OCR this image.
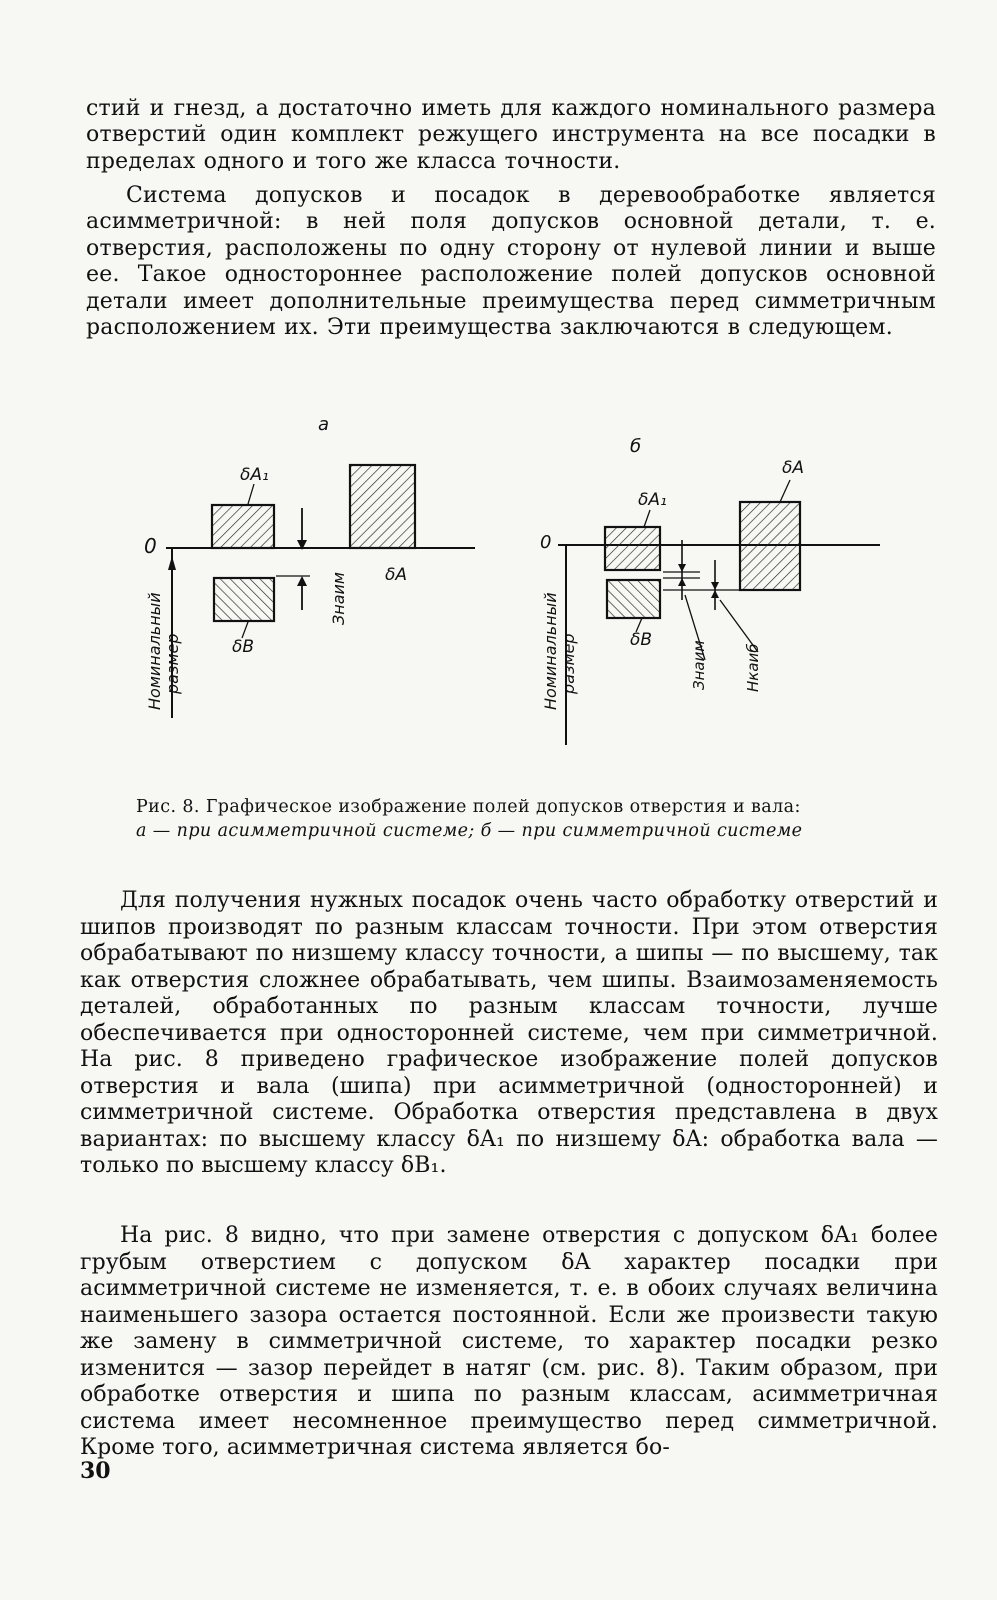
стий и гнезд, а достаточно иметь для каждого номинального размера отверстий один комплект режущего инструмента на все посадки в пределах одного и того же класса точности.
Система допусков и посадок в деревообработке является асимметричной: в ней поля допусков основной детали, т. е. отверстия, расположены по одну сторону от нулевой линии и выше ее. Такое одностороннее расположение полей допусков основной детали имеет дополнительные преимущества перед симметричным расположением их. Эти преимущества заключаются в следующем.
а
0
Номинальный размер
δA₁
δA
δB
Знаим
б
0
Номинальный размер
δA₁
δA
δB
Знаим Нкаиб
Рис. 8. Графическое изображение полей допусков отверстия и вала:
а — при асимметричной системе; б — при симметричной системе
Для получения нужных посадок очень часто обработку отверстий и шипов производят по разным классам точности. При этом отверстия обрабатывают по низшему классу точности, а шипы — по высшему, так как отверстия сложнее обрабатывать, чем шипы. Взаимозаменяемость деталей, обработанных по разным классам точности, лучше обеспечивается при односторонней системе, чем при симметричной. На рис. 8 приведено графическое изображение полей допусков отверстия и вала (шипа) при асимметричной (односторонней) и симметричной системе. Обработка отверстия представлена в двух вариантах: по высшему классу δA₁ по низшему δA: обработка вала — только по высшему классу δB₁.
На рис. 8 видно, что при замене отверстия с допуском δA₁ более грубым отверстием с допуском δA характер посадки при асимметричной системе не изменяется, т. е. в обоих случаях величина наименьшего зазора остается постоянной. Если же произвести такую же замену в симметричной системе, то характер посадки резко изменится — зазор перейдет в натяг (см. рис. 8). Таким образом, при обработке отверстия и шипа по разным классам, асимметричная система имеет несомненное преимущество перед симметричной. Кроме того, асимметричная система является бо-
30
